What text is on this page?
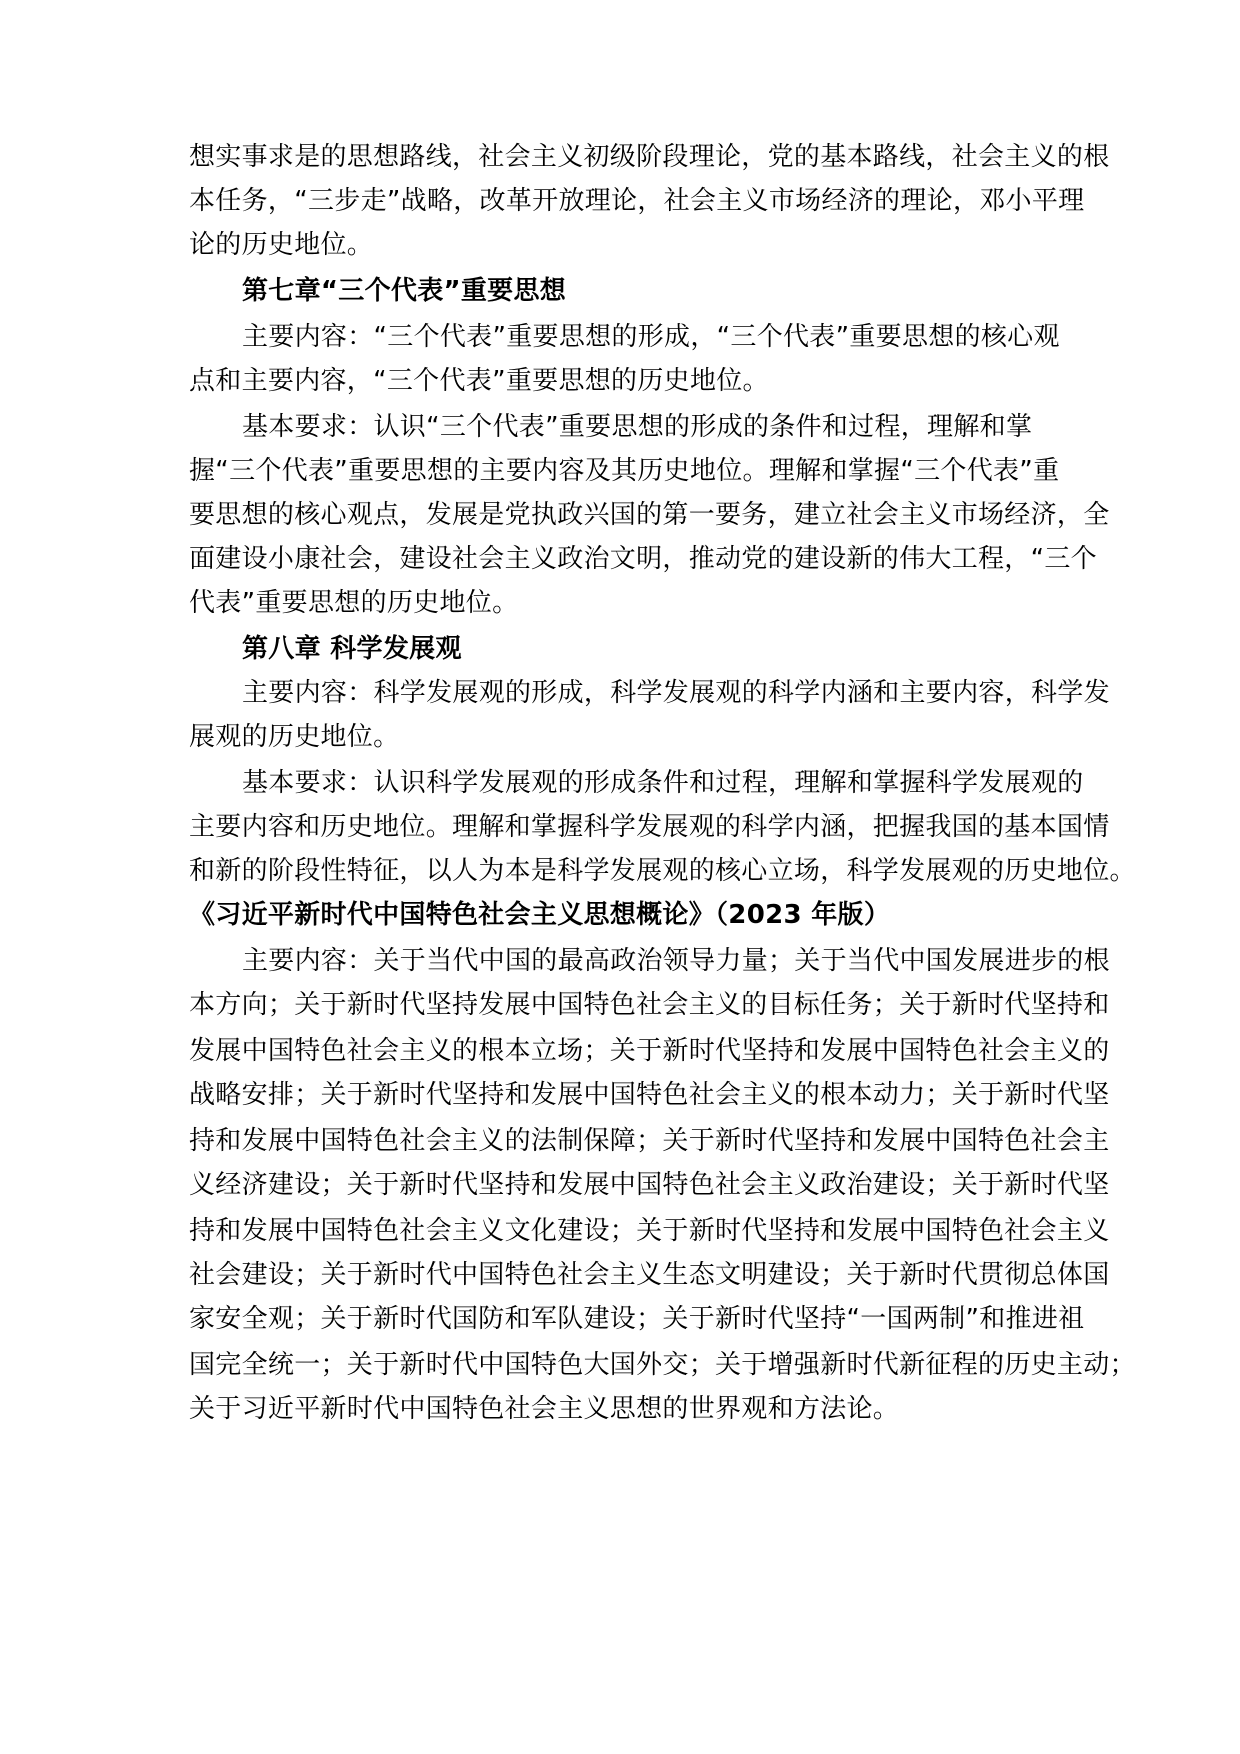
想实事求是的思想路线，社会主义初级阶段理论，党的基本路线，社会主义的根
本任务，“三步走”战略，改革开放理论，社会主义市场经济的理论，邓小平理
论的历史地位。
第七章“三个代表”重要思想
主要内容：“三个代表”重要思想的形成，“三个代表”重要思想的核心观
点和主要内容，“三个代表”重要思想的历史地位。
基本要求：认识“三个代表”重要思想的形成的条件和过程，理解和掌
握“三个代表”重要思想的主要内容及其历史地位。理解和掌握“三个代表”重
要思想的核心观点，发展是党执政兴国的第一要务，建立社会主义市场经济，全
面建设小康社会，建设社会主义政治文明，推动党的建设新的伟大工程，“三个
代表”重要思想的历史地位。
第八章 科学发展观
主要内容：科学发展观的形成，科学发展观的科学内涵和主要内容，科学发
展观的历史地位。
基本要求：认识科学发展观的形成条件和过程，理解和掌握科学发展观的
主要内容和历史地位。理解和掌握科学发展观的科学内涵，把握我国的基本国情
和新的阶段性特征，以人为本是科学发展观的核心立场，科学发展观的历史地位。
《习近平新时代中国特色社会主义思想概论》（2023 年版）
主要内容：关于当代中国的最高政治领导力量；关于当代中国发展进步的根
本方向；关于新时代坚持发展中国特色社会主义的目标任务；关于新时代坚持和
发展中国特色社会主义的根本立场；关于新时代坚持和发展中国特色社会主义的
战略安排；关于新时代坚持和发展中国特色社会主义的根本动力；关于新时代坚
持和发展中国特色社会主义的法制保障；关于新时代坚持和发展中国特色社会主
义经济建设；关于新时代坚持和发展中国特色社会主义政治建设；关于新时代坚
持和发展中国特色社会主义文化建设；关于新时代坚持和发展中国特色社会主义
社会建设；关于新时代中国特色社会主义生态文明建设；关于新时代贯彻总体国
家安全观；关于新时代国防和军队建设；关于新时代坚持“一国两制”和推进祖
国完全统一；关于新时代中国特色大国外交；关于增强新时代新征程的历史主动；
关于习近平新时代中国特色社会主义思想的世界观和方法论。
